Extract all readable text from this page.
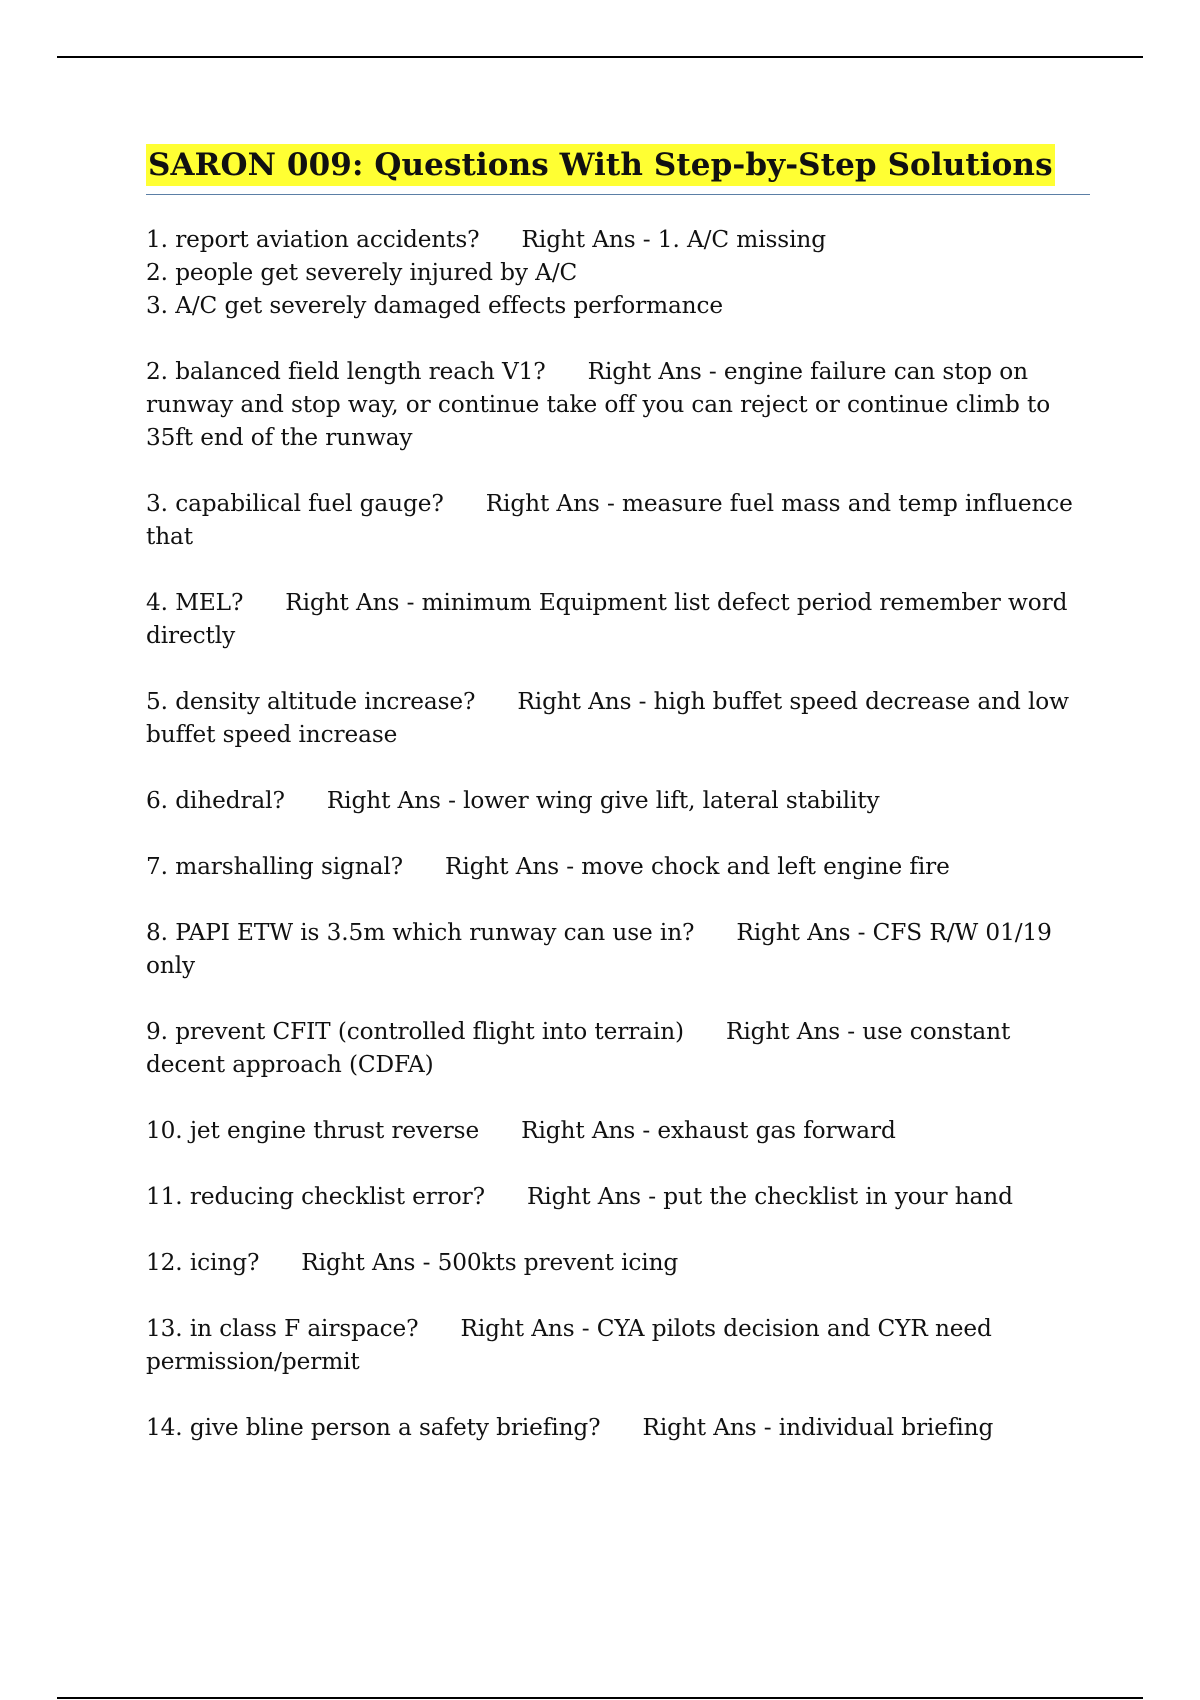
SARON 009: Questions With Step-by-Step Solutions
1. report aviation accidents? Right Ans - 1. A/C missing
2. people get severely injured by A/C
3. A/C get severely damaged effects performance
2. balanced field length reach V1? Right Ans - engine failure can stop on runway and stop way, or continue take off you can reject or continue climb to 35ft end of the runway
3. capabilical fuel gauge? Right Ans - measure fuel mass and temp influence that
4. MEL? Right Ans - minimum Equipment list defect period remember word directly
5. density altitude increase? Right Ans - high buffet speed decrease and low buffet speed increase
6. dihedral? Right Ans - lower wing give lift, lateral stability
7. marshalling signal? Right Ans - move chock and left engine fire
8. PAPI ETW is 3.5m which runway can use in? Right Ans - CFS R/W 01/19 only
9. prevent CFIT (controlled flight into terrain) Right Ans - use constant decent approach (CDFA)
10. jet engine thrust reverse Right Ans - exhaust gas forward
11. reducing checklist error? Right Ans - put the checklist in your hand
12. icing? Right Ans - 500kts prevent icing
13. in class F airspace? Right Ans - CYA pilots decision and CYR need permission/permit
14. give bline person a safety briefing? Right Ans - individual briefing
